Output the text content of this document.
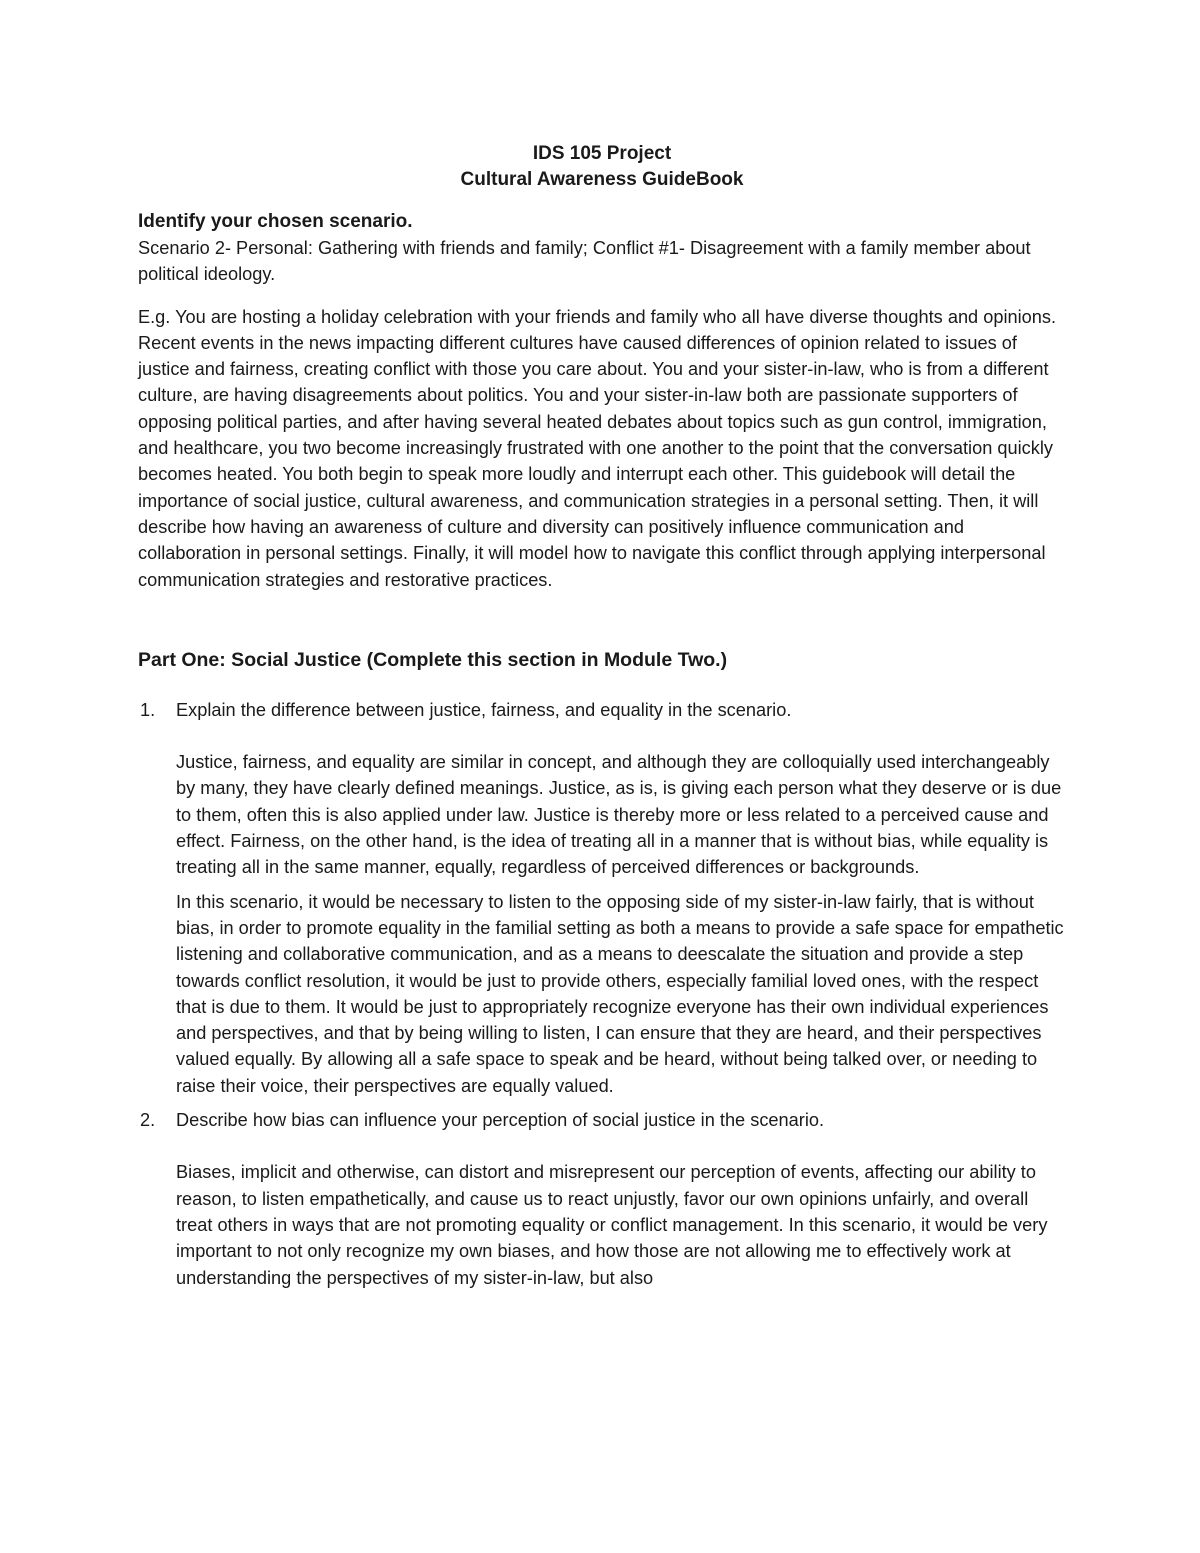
IDS 105 Project
Cultural Awareness GuideBook

Identify your chosen scenario.

Scenario 2- Personal: Gathering with friends and family; Conflict #1- Disagreement with a family member about political ideology.

E.g. You are hosting a holiday celebration with your friends and family who all have diverse thoughts and opinions. Recent events in the news impacting different cultures have caused differences of opinion related to issues of justice and fairness, creating conflict with those you care about. You and your sister-in-law, who is from a different culture, are having disagreements about politics. You and your sister-in-law both are passionate supporters of opposing political parties, and after having several heated debates about topics such as gun control, immigration, and healthcare, you two become increasingly frustrated with one another to the point that the conversation quickly becomes heated. You both begin to speak more loudly and interrupt each other. This guidebook will detail the importance of social justice, cultural awareness, and communication strategies in a personal setting. Then, it will describe how having an awareness of culture and diversity can positively influence communication and collaboration in personal settings. Finally, it will model how to navigate this conflict through applying interpersonal communication strategies and restorative practices.

Part One: Social Justice (Complete this section in Module Two.)

1. Explain the difference between justice, fairness, and equality in the scenario.

Justice, fairness, and equality are similar in concept, and although they are colloquially used interchangeably by many, they have clearly defined meanings. Justice, as is, is giving each person what they deserve or is due to them, often this is also applied under law. Justice is thereby more or less related to a perceived cause and effect. Fairness, on the other hand, is the idea of treating all in a manner that is without bias, while equality is treating all in the same manner, equally, regardless of perceived differences or backgrounds.

In this scenario, it would be necessary to listen to the opposing side of my sister-in-law fairly, that is without bias, in order to promote equality in the familial setting as both a means to provide a safe space for empathetic listening and collaborative communication, and as a means to deescalate the situation and provide a step towards conflict resolution, it would be just to provide others, especially familial loved ones, with the respect that is due to them. It would be just to appropriately recognize everyone has their own individual experiences and perspectives, and that by being willing to listen, I can ensure that they are heard, and their perspectives valued equally. By allowing all a safe space to speak and be heard, without being talked over, or needing to raise their voice, their perspectives are equally valued.

2. Describe how bias can influence your perception of social justice in the scenario.

Biases, implicit and otherwise, can distort and misrepresent our perception of events, affecting our ability to reason, to listen empathetically, and cause us to react unjustly, favor our own opinions unfairly, and overall treat others in ways that are not promoting equality or conflict management. In this scenario, it would be very important to not only recognize my own biases, and how those are not allowing me to effectively work at understanding the perspectives of my sister-in-law, but also
